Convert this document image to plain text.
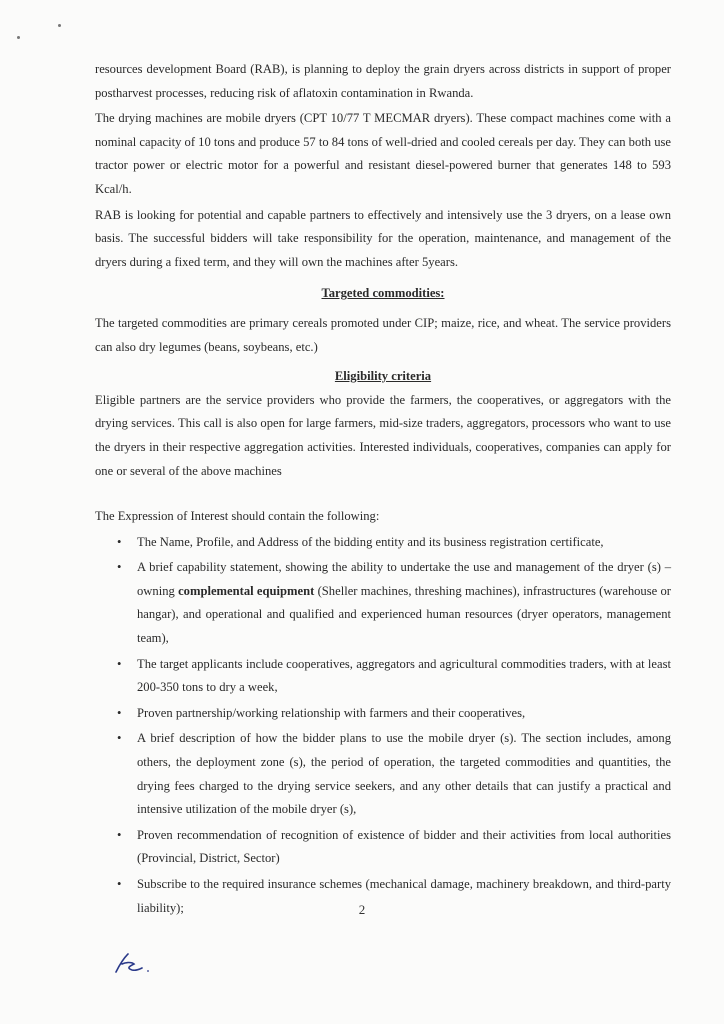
resources development Board (RAB), is planning to deploy the grain dryers across districts in support of proper postharvest processes, reducing risk of aflatoxin contamination in Rwanda.

The drying machines are mobile dryers (CPT 10/77 T MECMAR dryers). These compact machines come with a nominal capacity of 10 tons and produce 57 to 84 tons of well-dried and cooled cereals per day. They can both use tractor power or electric motor for a powerful and resistant diesel-powered burner that generates 148 to 593 Kcal/h.

RAB is looking for potential and capable partners to effectively and intensively use the 3 dryers, on a lease own basis. The successful bidders will take responsibility for the operation, maintenance, and management of the dryers during a fixed term, and they will own the machines after 5years.

Targeted commodities:

The targeted commodities are primary cereals promoted under CIP; maize, rice, and wheat. The service providers can also dry legumes (beans, soybeans, etc.)

Eligibility criteria

Eligible partners are the service providers who provide the farmers, the cooperatives, or aggregators with the drying services. This call is also open for large farmers, mid-size traders, aggregators, processors who want to use the dryers in their respective aggregation activities. Interested individuals, cooperatives, companies can apply for one or several of the above machines

The Expression of Interest should contain the following:

• The Name, Profile, and Address of the bidding entity and its business registration certificate,

• A brief capability statement, showing the ability to undertake the use and management of the dryer (s) – owning complemental equipment (Sheller machines, threshing machines), infrastructures (warehouse or hangar), and operational and qualified and experienced human resources (dryer operators, management team),

• The target applicants include cooperatives, aggregators and agricultural commodities traders, with at least 200-350 tons to dry a week,

• Proven partnership/working relationship with farmers and their cooperatives,

• A brief description of how the bidder plans to use the mobile dryer (s). The section includes, among others, the deployment zone (s), the period of operation, the targeted commodities and quantities, the drying fees charged to the drying service seekers, and any other details that can justify a practical and intensive utilization of the mobile dryer (s),

• Proven recommendation of recognition of existence of bidder and their activities from local authorities (Provincial, District, Sector)

• Subscribe to the required insurance schemes (mechanical damage, machinery breakdown, and third-party liability);	2
